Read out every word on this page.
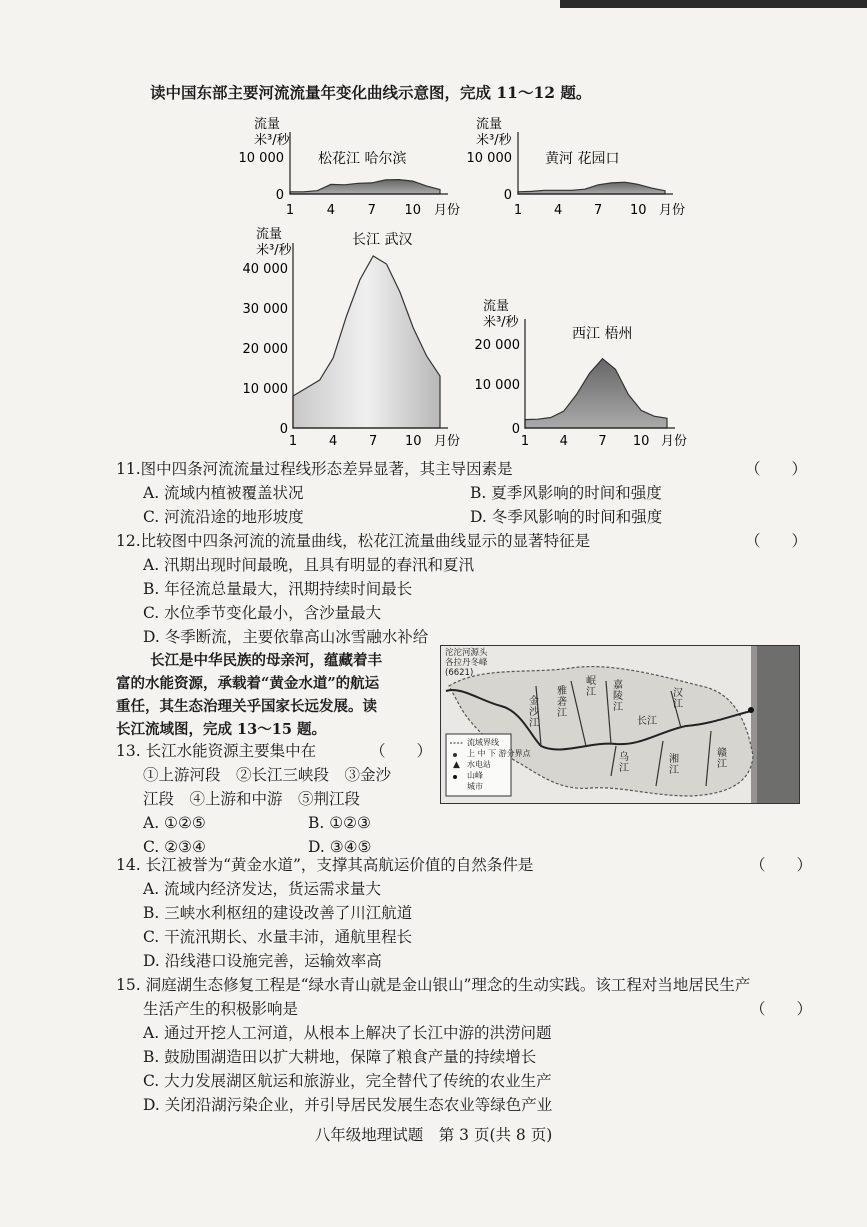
读中国东部主要河流流量年变化曲线示意图，完成 11～12 题。
松花江 哈尔滨
流量
米³/秒
10 000
0
1	4	7 10 月份
黄河 花园口
流量
米³/秒
10 000
0
1 4 7 10 月份
长江 武汉
流量
米³/秒
40 000
30 000
20 000
10 000
0
1 4 7 10 月份
西江 梧州
流量
米³/秒
20 000
10 000
0
1 4 7 10 月份
11.图中四条河流流量过程线形态差异显著，其主导因素是	（　　）
A. 流域内植被覆盖状况	B. 夏季风影响的时间和强度
C. 河流沿途的地形坡度	D. 冬季风影响的时间和强度
12.比较图中四条河流的流量曲线，松花江流量曲线显示的显著特征是	（　　）
A. 汛期出现时间最晚，且具有明显的春汛和夏汛
B. 年径流总量最大，汛期持续时间最长
C. 水位季节变化最小，含沙量最大
D. 冬季断流，主要依靠高山冰雪融水补给
长江是中华民族的母亲河，蕴藏着丰
富的水能资源，承载着“黄金水道”的航运
重任，其生态治理关乎国家长远发展。读
长江流域图，完成 13～15 题。
▲
沱沱河源头
各拉丹冬峰
(6621)
流域界线
上 中 下 游分界点
水电站
山峰
城市
雅砻江
岷江
嘉陵江
金沙江
乌江
汉江
湘江
赣江
长江
13. 长江水能资源主要集中在	（　　）
①上游河段　②长江三峡段　③金沙
江段　④上游和中游　⑤荆江段
A. ①②⑤	B. ①②③
C. ②③④	D. ③④⑤
14. 长江被誉为“黄金水道”，支撑其高航运价值的自然条件是	（　　）
A. 流域内经济发达，货运需求量大
B. 三峡水利枢纽的建设改善了川江航道
C. 干流汛期长、水量丰沛，通航里程长
D. 沿线港口设施完善，运输效率高
15. 洞庭湖生态修复工程是“绿水青山就是金山银山”理念的生动实践。该工程对当地居民生产
生活产生的积极影响是	（　　）
A. 通过开挖人工河道，从根本上解决了长江中游的洪涝问题
B. 鼓励围湖造田以扩大耕地，保障了粮食产量的持续增长
C. 大力发展湖区航运和旅游业，完全替代了传统的农业生产
D. 关闭沿湖污染企业，并引导居民发展生态农业等绿色产业
八年级地理试题　第 3 页(共 8 页)
